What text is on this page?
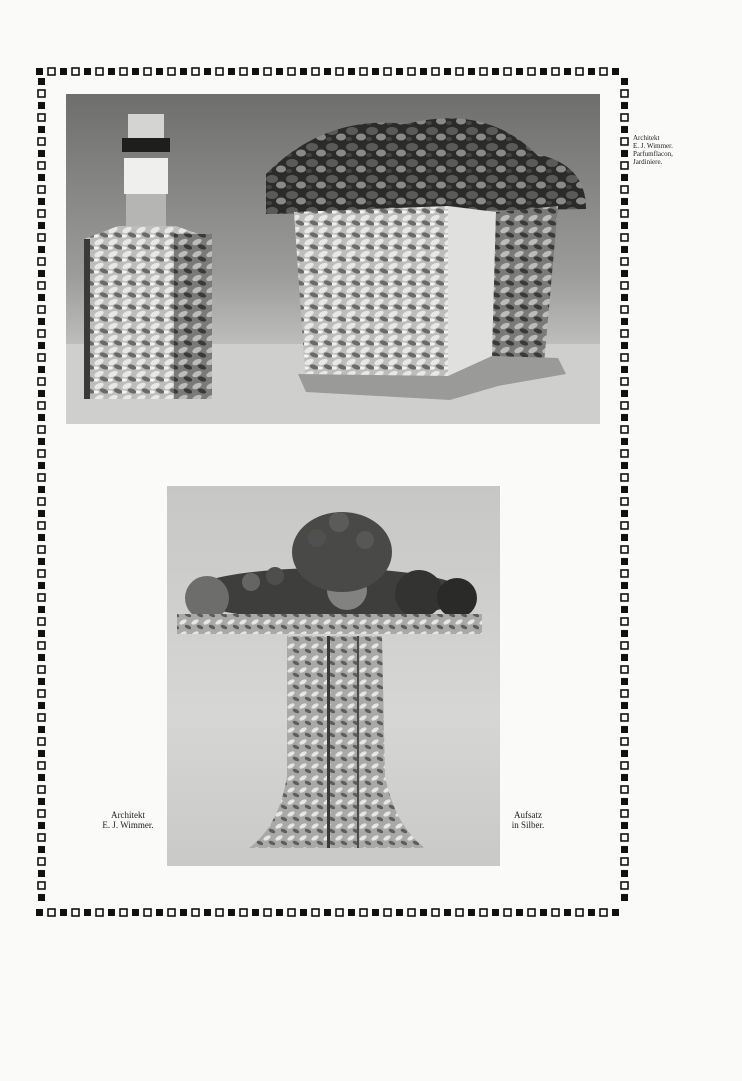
Architekt
E. J. Wimmer.
Parfumflacon,
Jardiniere.
Architekt
E. J. Wimmer.
Aufsatz
in Silber.
